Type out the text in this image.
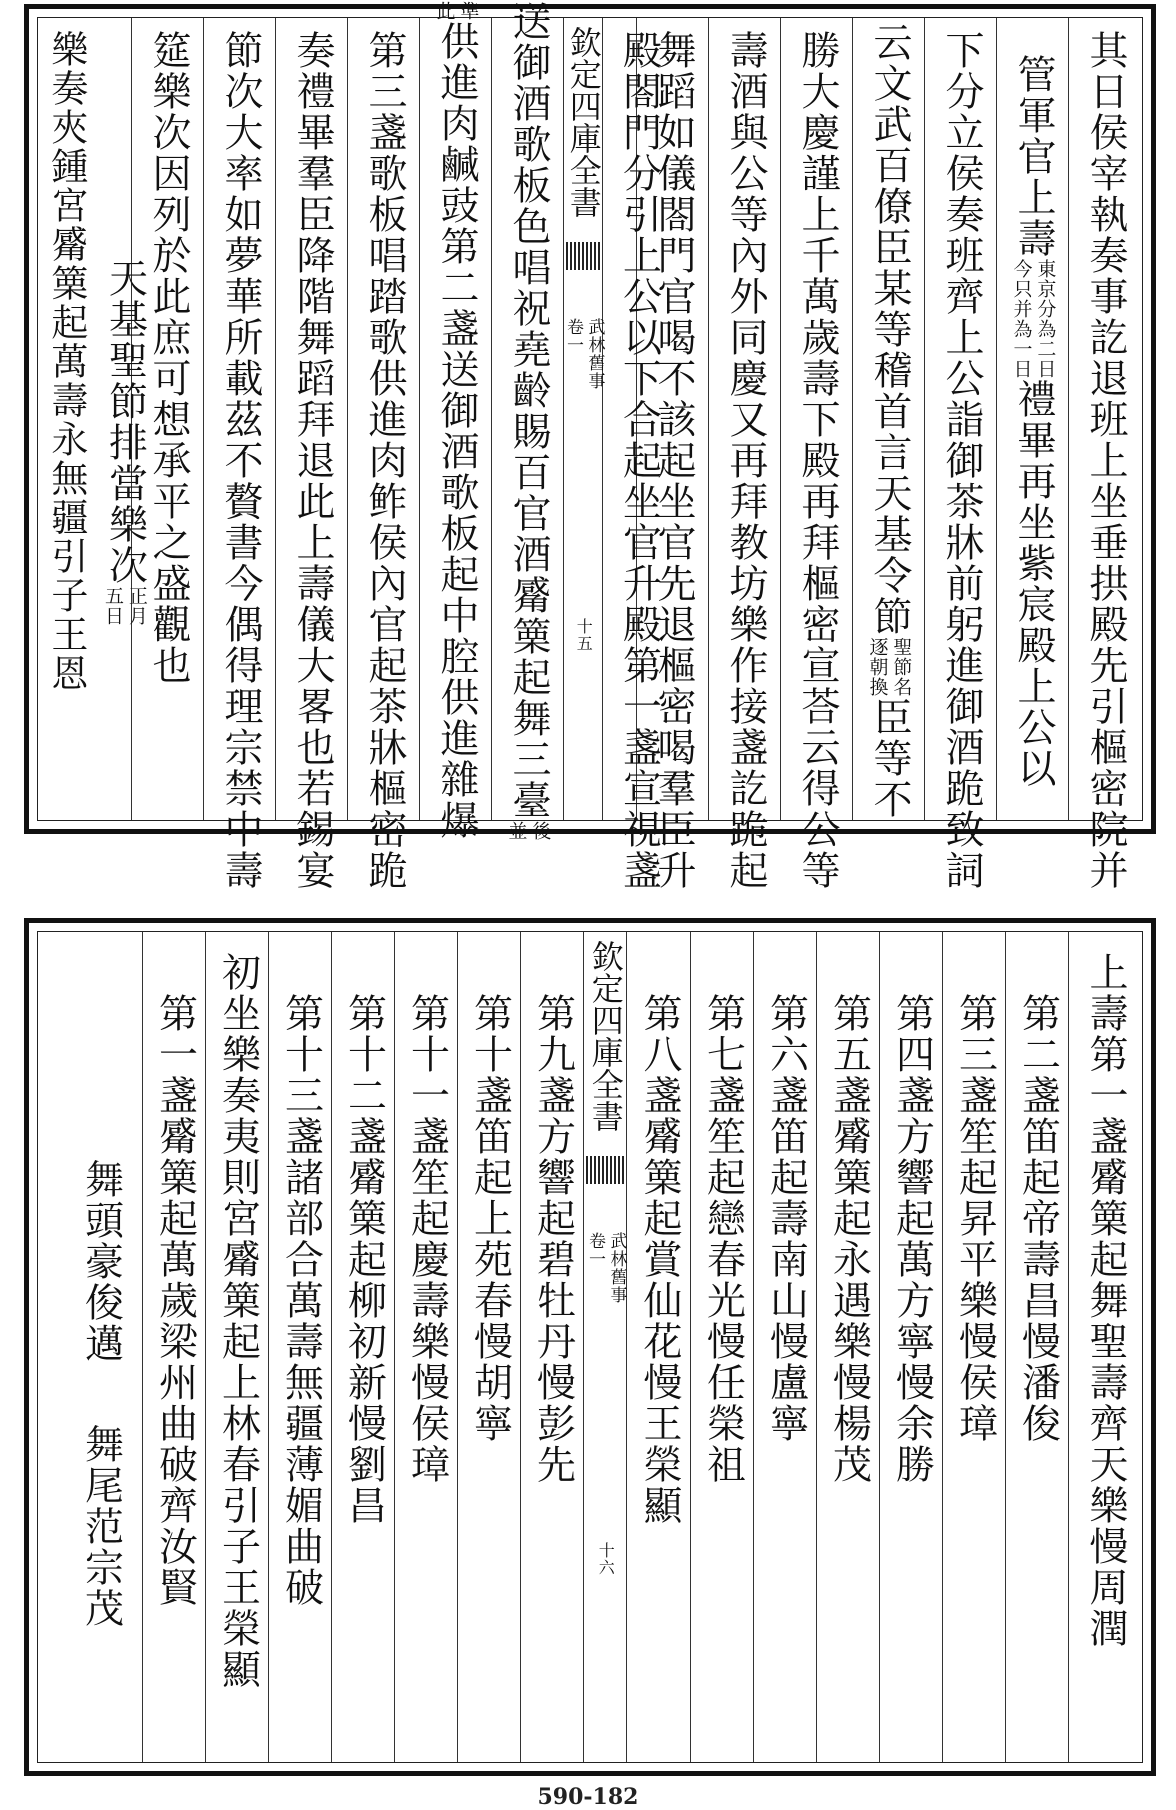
其日侯宰執奏事訖退班上坐垂拱殿先引樞密院并
管軍官上壽
東京分為二日
今只并為一日
禮畢再坐紫宸殿上公以
下分立侯奏班齊上公詣御茶牀前躬進御酒跪致詞
云文武百僚臣某等稽首言天基令節
聖節名
逐朝換
臣等不
勝大慶謹上千萬歲壽下殿再拜樞密宣荅云得公等
壽酒與公等內外同慶又再拜教坊樂作接盞訖跪起
舞蹈如儀閤門官喝不該起坐官先退樞密喝羣臣升
殿閤門分引上公以下合起坐官升殿第一盞宣視盞
欽定四庫全書
武林舊事
卷一
十五
送御酒歌板色唱祝堯齡賜百官酒觱篥起舞三臺
後
並
準
此
供進肉鹹豉第二盞送御酒歌板起中腔供進雜爆
第三盞歌板唱踏歌供進肉鲊侯內官起茶牀樞密跪
奏禮畢羣臣降階舞蹈拜退此上壽儀大畧也若錫宴
節次大率如夢華所載茲不贅書今偶得理宗禁中壽
筵樂次因列於此庶可想承平之盛觀也
　天基聖節排當樂次
正月
五日
樂奏夾鍾宮觱篥起萬壽永無疆引子王恩
上壽第一盞觱篥起舞聖壽齊天樂慢周潤
　第二盞笛起帝壽昌慢潘俊
　第三盞笙起昇平樂慢侯璋
　第四盞方響起萬方寧慢余勝
　第五盞觱篥起永遇樂慢楊茂
　第六盞笛起壽南山慢盧寧
　第七盞笙起戀春光慢任榮祖
　第八盞觱篥起賞仙花慢王榮顯
欽定四庫全書
武林舊事
卷一
十六
　第九盞方響起碧牡丹慢彭先
　第十盞笛起上苑春慢胡寧
　第十一盞笙起慶壽樂慢侯璋
　第十二盞觱篥起柳初新慢劉昌
　第十三盞諸部合萬壽無疆薄媚曲破
初坐樂奏夷則宮觱篥起上林春引子王榮顯
　第一盞觱篥起萬歲梁州曲破齊汝賢
　　舞頭豪俊邁
舞尾范宗茂
590-182
